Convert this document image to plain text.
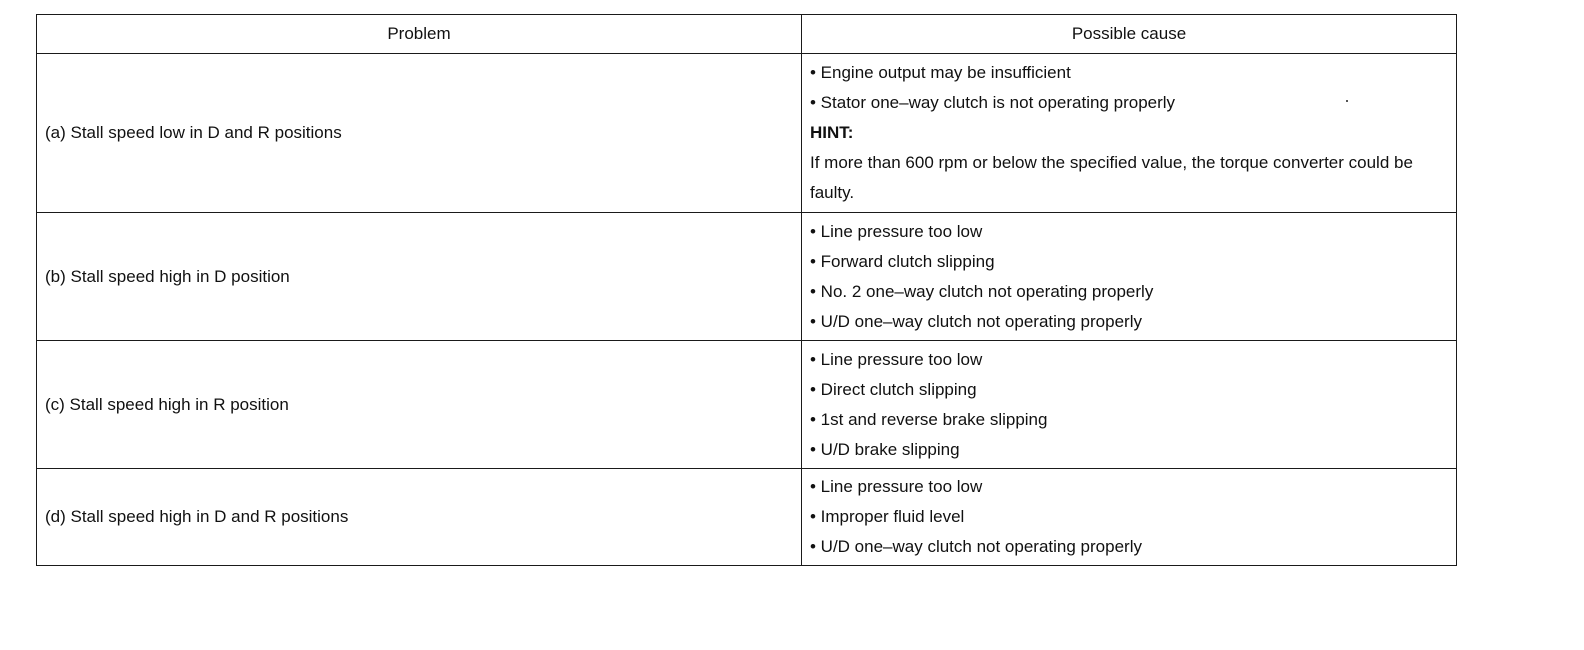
Problem	Possible cause
(a) Stall speed low in D and R positions	• Engine output may be insufficient
• Stator one–way clutch is not operating properly
HINT:
If more than 600 rpm or below the specified value, the torque converter could be faulty.

(b) Stall speed high in D position	• Line pressure too low
• Forward clutch slipping
• No. 2 one–way clutch not operating properly
• U/D one–way clutch not operating properly

(c) Stall speed high in R position	• Line pressure too low
• Direct clutch slipping
• 1st and reverse brake slipping
• U/D brake slipping

(d) Stall speed high in D and R positions	• Line pressure too low
• Improper fluid level
• U/D one–way clutch not operating properly
